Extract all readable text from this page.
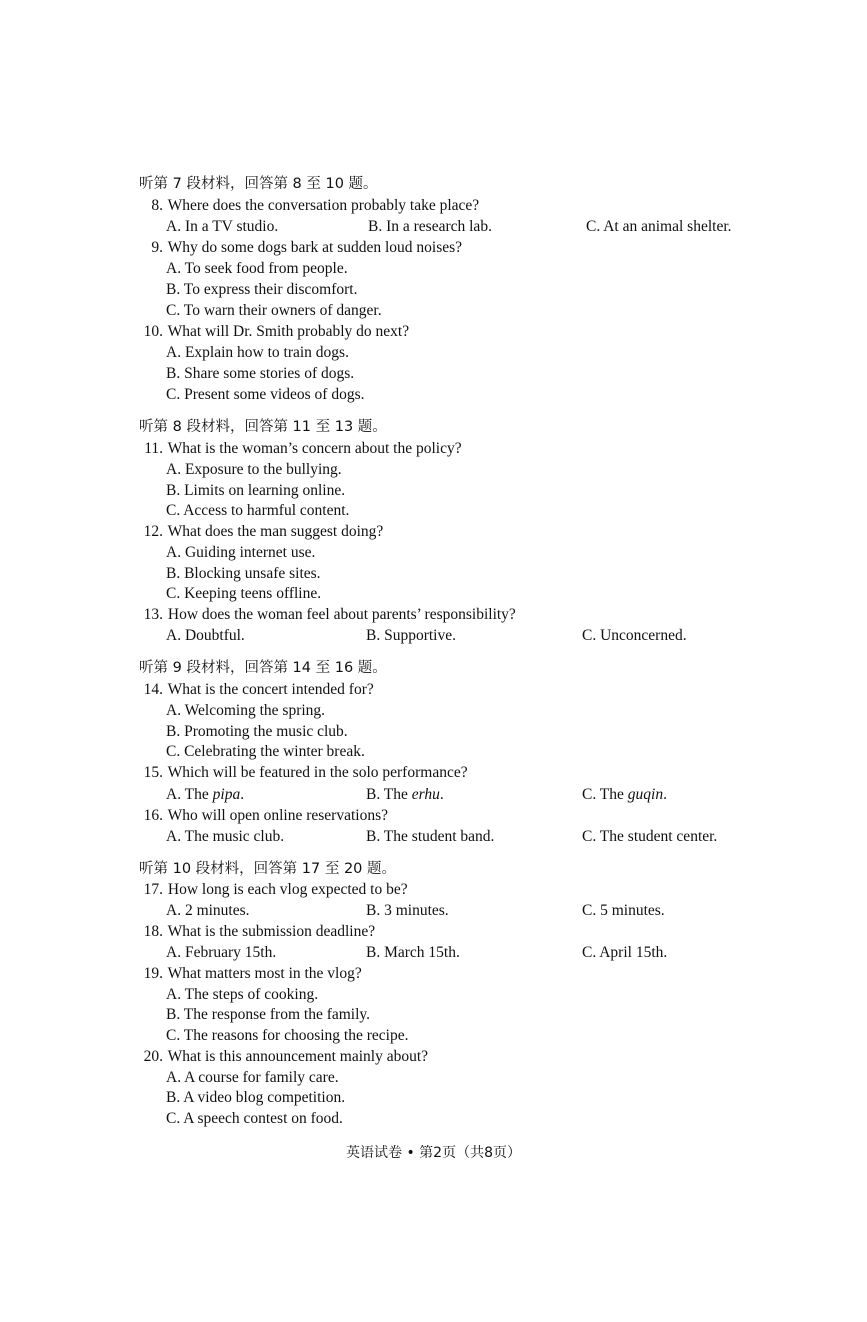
听第 7 段材料，回答第 8 至 10 题。
8. Where does the conversation probably take place?
A. In a TV studio.	B. In a research lab.	C. At an animal shelter.
9. Why do some dogs bark at sudden loud noises?
A. To seek food from people.
B. To express their discomfort.
C. To warn their owners of danger.
10. What will Dr. Smith probably do next?
A. Explain how to train dogs.
B. Share some stories of dogs.
C. Present some videos of dogs.
听第 8 段材料，回答第 11 至 13 题。
11. What is the woman’s concern about the policy?
A. Exposure to the bullying.
B. Limits on learning online.
C. Access to harmful content.
12. What does the man suggest doing?
A. Guiding internet use.
B. Blocking unsafe sites.
C. Keeping teens offline.
13. How does the woman feel about parents’ responsibility?
A. Doubtful.	B. Supportive.	C. Unconcerned.
听第 9 段材料，回答第 14 至 16 题。
14. What is the concert intended for?
A. Welcoming the spring.
B. Promoting the music club.
C. Celebrating the winter break.
15. Which will be featured in the solo performance?
A. The pipa.	B. The erhu.	C. The guqin.
16. Who will open online reservations?
A. The music club.	B. The student band.	C. The student center.
听第 10 段材料，回答第 17 至 20 题。
17. How long is each vlog expected to be?
A. 2 minutes.	B. 3 minutes.	C. 5 minutes.
18. What is the submission deadline?
A. February 15th.	B. March 15th.	C. April 15th.
19. What matters most in the vlog?
A. The steps of cooking.
B. The response from the family.
C. The reasons for choosing the recipe.
20. What is this announcement mainly about?
A. A course for family care.
B. A video blog competition.
C. A speech contest on food.
英语试卷 • 第2页（共8页）
